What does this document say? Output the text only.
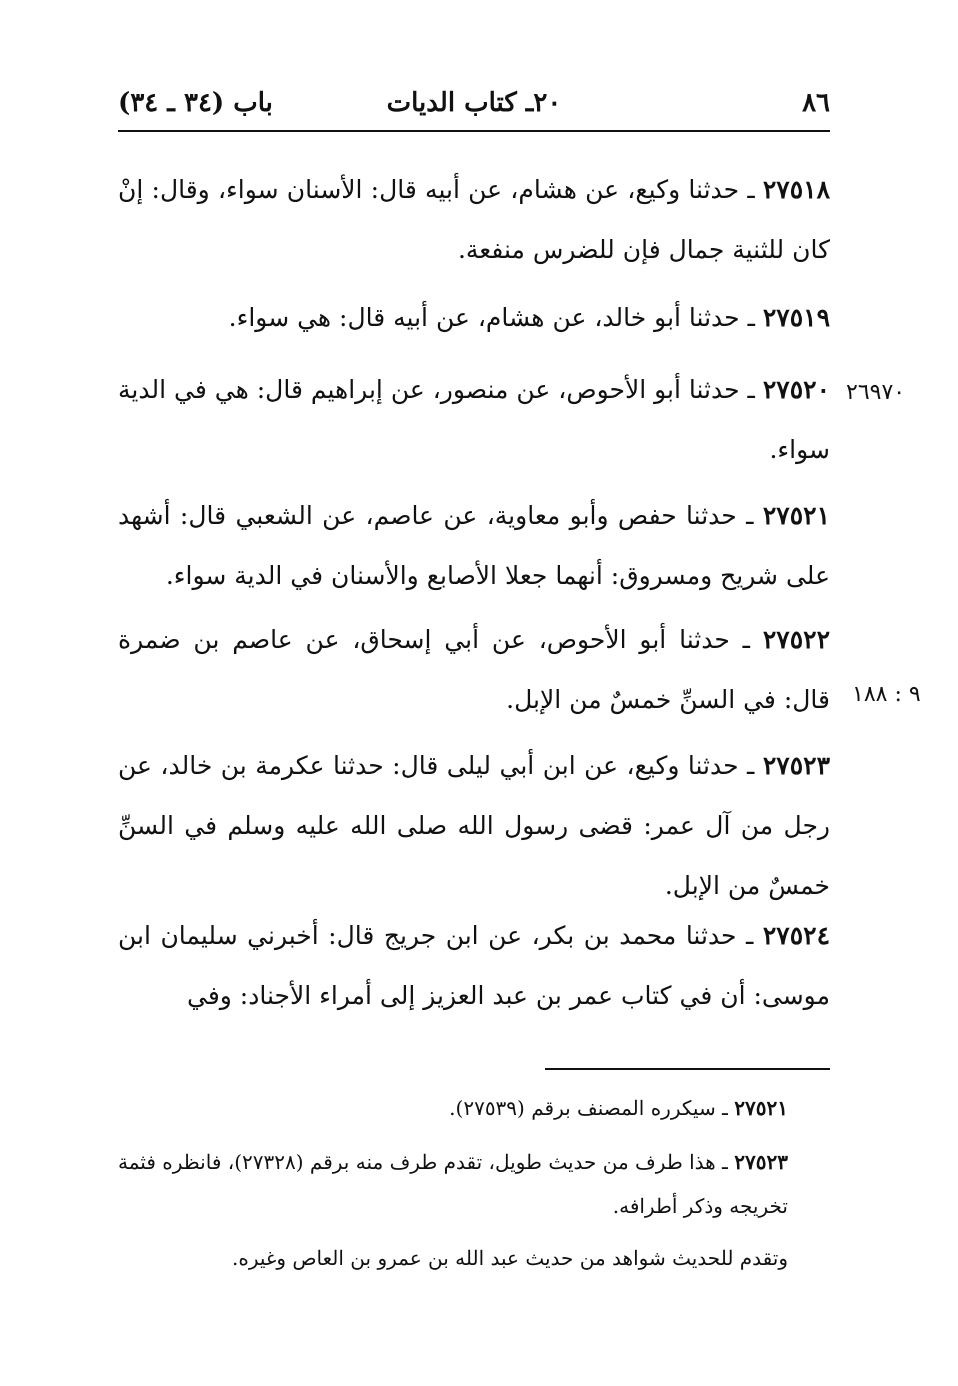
باب (٣٤ ـ ٣٤)	٢٠ـ كتاب الديات	٨٦
٢٦٩٧٠
٩ : ١٨٨

٢٧٥١٨ ـ حدثنا وكيع، عن هشام، عن أبيه قال: الأسنان سواء، وقال: إنْ كان للثنية جمال فإن للضرس منفعة.

٢٧٥١٩ ـ حدثنا أبو خالد، عن هشام، عن أبيه قال: هي سواء.

٢٧٥٢٠ ـ حدثنا أبو الأحوص، عن منصور، عن إبراهيم قال: هي في الدية سواء.

٢٧٥٢١ ـ حدثنا حفص وأبو معاوية، عن عاصم، عن الشعبي قال: أشهد على شريح ومسروق: أنهما جعلا الأصابع والأسنان في الدية سواء.

٢٧٥٢٢ ـ حدثنا أبو الأحوص، عن أبي إسحاق، عن عاصم بن ضمرة قال: في السنِّ خمسٌ من الإبل.

٢٧٥٢٣ ـ حدثنا وكيع، عن ابن أبي ليلى قال: حدثنا عكرمة بن خالد، عن رجل من آل عمر: قضى رسول الله صلى الله عليه وسلم في السنِّ خمسٌ من الإبل.

٢٧٥٢٤ ـ حدثنا محمد بن بكر، عن ابن جريج قال: أخبرني سليمان ابن موسى: أن في كتاب عمر بن عبد العزيز إلى أمراء الأجناد: وفي

٢٧٥٢١ ـ سيكرره المصنف برقم (٢٧٥٣٩).

٢٧٥٢٣ ـ هذا طرف من حديث طويل، تقدم طرف منه برقم (٢٧٣٢٨)، فانظره فثمة تخريجه وذكر أطرافه.

وتقدم للحديث شواهد من حديث عبد الله بن عمرو بن العاص وغيره.
